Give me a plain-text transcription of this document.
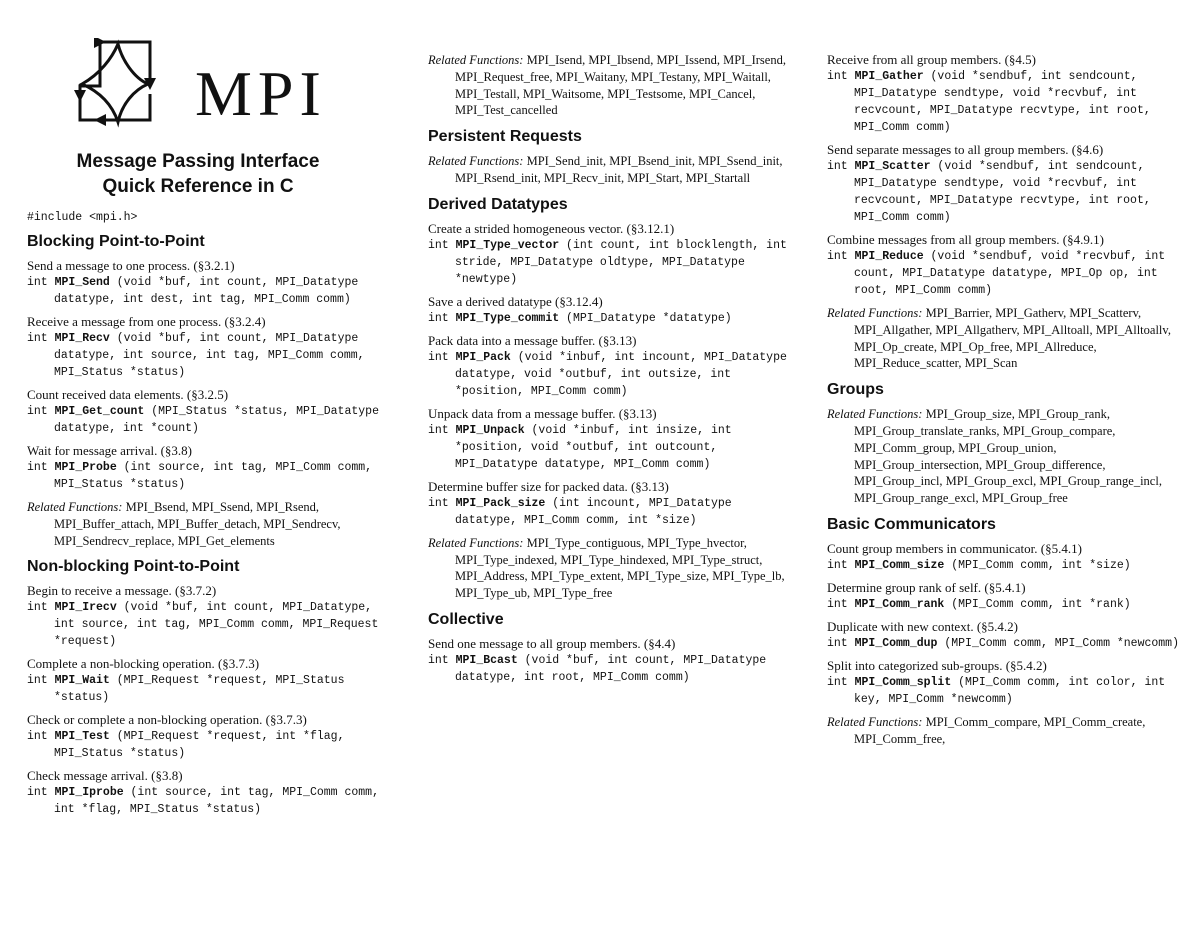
MPI
Message Passing Interface
Quick Reference in C
#include <mpi.h>
Blocking Point-to-Point
Send a message to one process. (§3.2.1)
int MPI_Send (void *buf, int count, MPI_Datatype datatype, int dest, int tag, MPI_Comm comm)
Receive a message from one process. (§3.2.4)
int MPI_Recv (void *buf, int count, MPI_Datatype datatype, int source, int tag, MPI_Comm comm, MPI_Status *status)
Count received data elements. (§3.2.5)
int MPI_Get_count (MPI_Status *status, MPI_Datatype datatype, int *count)
Wait for message arrival. (§3.8)
int MPI_Probe (int source, int tag, MPI_Comm comm, MPI_Status *status)
Related Functions: MPI_Bsend, MPI_Ssend, MPI_Rsend, MPI_Buffer_attach, MPI_Buffer_detach, MPI_Sendrecv, MPI_Sendrecv_replace, MPI_Get_elements
Non-blocking Point-to-Point
Begin to receive a message. (§3.7.2)
int MPI_Irecv (void *buf, int count, MPI_Datatype, int source, int tag, MPI_Comm comm, MPI_Request *request)
Complete a non-blocking operation. (§3.7.3)
int MPI_Wait (MPI_Request *request, MPI_Status *status)
Check or complete a non-blocking operation. (§3.7.3)
int MPI_Test (MPI_Request *request, int *flag, MPI_Status *status)
Check message arrival. (§3.8)
int MPI_Iprobe (int source, int tag, MPI_Comm comm, int *flag, MPI_Status *status)
Related Functions: MPI_Isend, MPI_Ibsend, MPI_Issend, MPI_Irsend, MPI_Request_free, MPI_Waitany, MPI_Testany, MPI_Waitall, MPI_Testall, MPI_Waitsome, MPI_Testsome, MPI_Cancel, MPI_Test_cancelled
Persistent Requests
Related Functions: MPI_Send_init, MPI_Bsend_init, MPI_Ssend_init, MPI_Rsend_init, MPI_Recv_init, MPI_Start, MPI_Startall
Derived Datatypes
Create a strided homogeneous vector. (§3.12.1)
int MPI_Type_vector (int count, int blocklength, int stride, MPI_Datatype oldtype, MPI_Datatype *newtype)
Save a derived datatype (§3.12.4)
int MPI_Type_commit (MPI_Datatype *datatype)
Pack data into a message buffer. (§3.13)
int MPI_Pack (void *inbuf, int incount, MPI_Datatype datatype, void *outbuf, int outsize, int *position, MPI_Comm comm)
Unpack data from a message buffer. (§3.13)
int MPI_Unpack (void *inbuf, int insize, int *position, void *outbuf, int outcount, MPI_Datatype datatype, MPI_Comm comm)
Determine buffer size for packed data. (§3.13)
int MPI_Pack_size (int incount, MPI_Datatype datatype, MPI_Comm comm, int *size)
Related Functions: MPI_Type_contiguous, MPI_Type_hvector, MPI_Type_indexed, MPI_Type_hindexed, MPI_Type_struct, MPI_Address, MPI_Type_extent, MPI_Type_size, MPI_Type_lb, MPI_Type_ub, MPI_Type_free
Collective
Send one message to all group members. (§4.4)
int MPI_Bcast (void *buf, int count, MPI_Datatype datatype, int root, MPI_Comm comm)
Receive from all group members. (§4.5)
int MPI_Gather (void *sendbuf, int sendcount, MPI_Datatype sendtype, void *recvbuf, int recvcount, MPI_Datatype recvtype, int root, MPI_Comm comm)
Send separate messages to all group members. (§4.6)
int MPI_Scatter (void *sendbuf, int sendcount, MPI_Datatype sendtype, void *recvbuf, int recvcount, MPI_Datatype recvtype, int root, MPI_Comm comm)
Combine messages from all group members. (§4.9.1)
int MPI_Reduce (void *sendbuf, void *recvbuf, int count, MPI_Datatype datatype, MPI_Op op, int root, MPI_Comm comm)
Related Functions: MPI_Barrier, MPI_Gatherv, MPI_Scatterv, MPI_Allgather, MPI_Allgatherv, MPI_Alltoall, MPI_Alltoallv, MPI_Op_create, MPI_Op_free, MPI_Allreduce, MPI_Reduce_scatter, MPI_Scan
Groups
Related Functions: MPI_Group_size, MPI_Group_rank, MPI_Group_translate_ranks, MPI_Group_compare, MPI_Comm_group, MPI_Group_union, MPI_Group_intersection, MPI_Group_difference, MPI_Group_incl, MPI_Group_excl, MPI_Group_range_incl, MPI_Group_range_excl, MPI_Group_free
Basic Communicators
Count group members in communicator. (§5.4.1)
int MPI_Comm_size (MPI_Comm comm, int *size)
Determine group rank of self. (§5.4.1)
int MPI_Comm_rank (MPI_Comm comm, int *rank)
Duplicate with new context. (§5.4.2)
int MPI_Comm_dup (MPI_Comm comm, MPI_Comm *newcomm)
Split into categorized sub-groups. (§5.4.2)
int MPI_Comm_split (MPI_Comm comm, int color, int key, MPI_Comm *newcomm)
Related Functions: MPI_Comm_compare, MPI_Comm_create, MPI_Comm_free,
